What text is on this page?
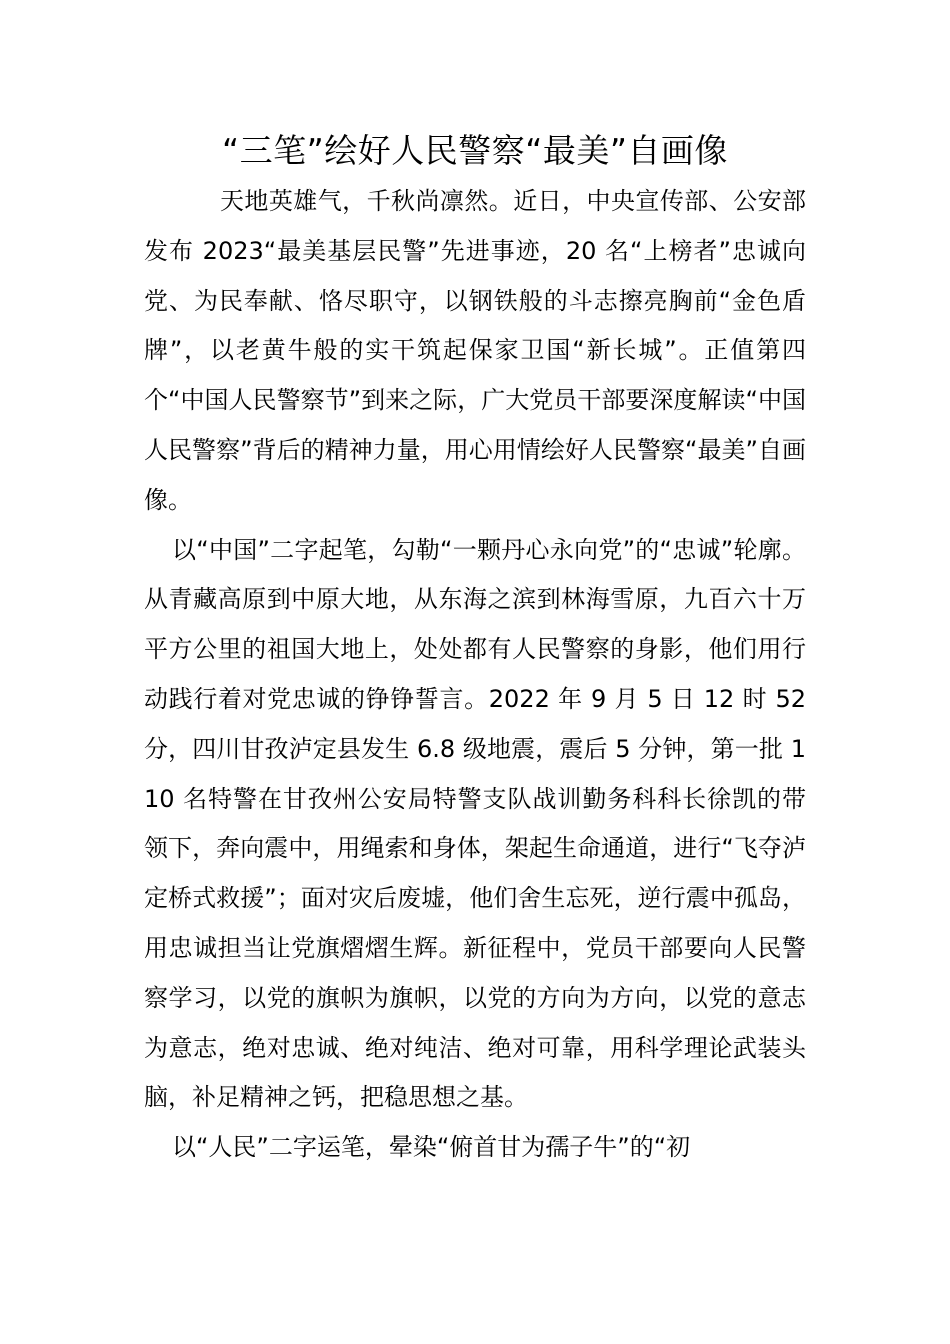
“三笔”绘好人民警察“最美”自画像

天地英雄气，千秋尚凛然。近日，中央宣传部、公安部发布 2023“最美基层民警”先进事迹，20 名“上榜者”忠诚向党、为民奉献、恪尽职守，以钢铁般的斗志擦亮胸前“金色盾牌”，以老黄牛般的实干筑起保家卫国“新长城”。正值第四个“中国人民警察节”到来之际，广大党员干部要深度解读“中国人民警察”背后的精神力量，用心用情绘好人民警察“最美”自画像。

以“中国”二字起笔，勾勒“一颗丹心永向党”的“忠诚”轮廓。从青藏高原到中原大地，从东海之滨到林海雪原，九百六十万平方公里的祖国大地上，处处都有人民警察的身影，他们用行动践行着对党忠诚的铮铮誓言。2022 年 9 月 5 日 12 时 52 分，四川甘孜泸定县发生 6.8 级地震，震后 5 分钟，第一批 110 名特警在甘孜州公安局特警支队战训勤务科科长徐凯的带领下，奔向震中，用绳索和身体，架起生命通道，进行“飞夺泸定桥式救援”；面对灾后废墟，他们舍生忘死，逆行震中孤岛，用忠诚担当让党旗熠熠生辉。新征程中，党员干部要向人民警察学习，以党的旗帜为旗帜，以党的方向为方向，以党的意志为意志，绝对忠诚、绝对纯洁、绝对可靠，用科学理论武装头脑，补足精神之钙，把稳思想之基。

以“人民”二字运笔，晕染“俯首甘为孺子牛”的“初
